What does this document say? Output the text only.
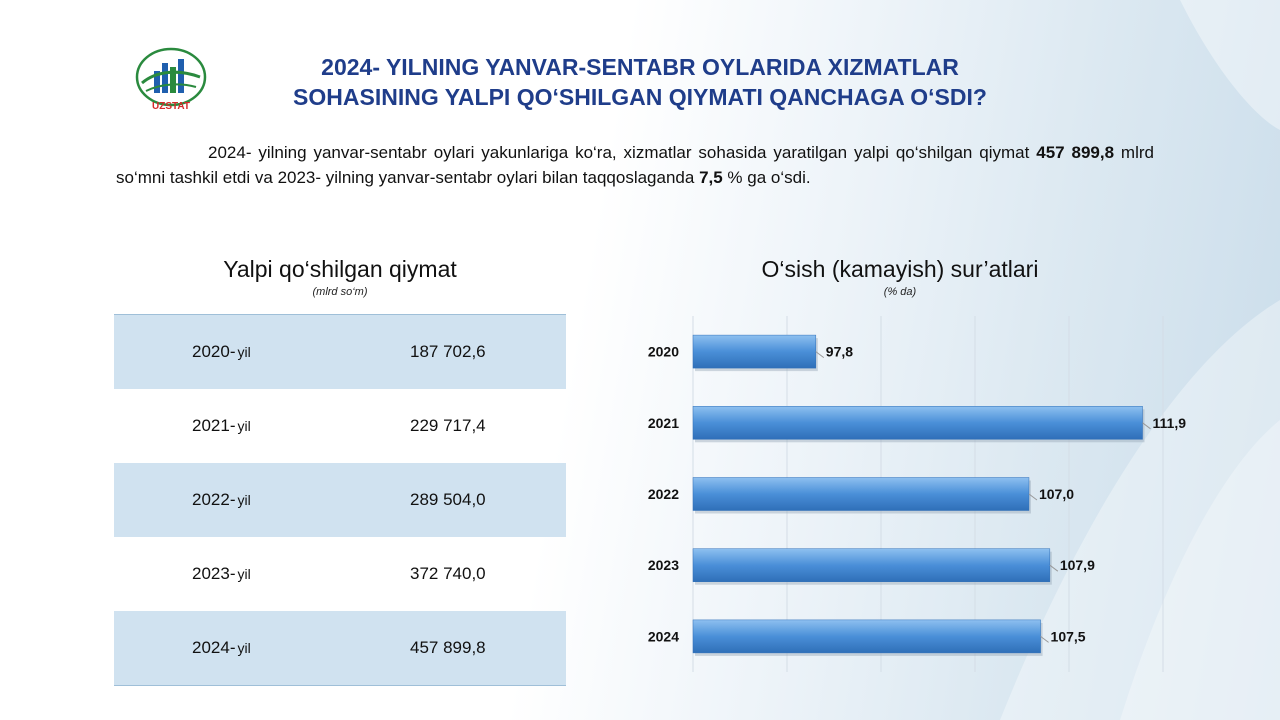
UZSTAT
2024- YILNING YANVAR-SENTABR OYLARIDA XIZMATLAR
SOHASINING YALPI QO‘SHILGAN QIYMATI QANCHAGA O‘SDI?
2024- yilning yanvar-sentabr oylari yakunlariga ko‘ra, xizmatlar sohasida yaratilgan yalpi qo‘shilgan qiymat 457 899,8 mlrd so‘mni tashkil etdi va 2023- yilning yanvar-sentabr oylari bilan taqqoslaganda 7,5 % ga o‘sdi.
Yalpi qo‘shilgan qiymat
(mlrd so‘m)
2020- yil	187 702,6
2021- yil	229 717,4
2022- yil	289 504,0
2023- yil	372 740,0
2024- yil	457 899,8
O‘sish (kamayish) sur’atlari
(% da)
2020	97,8
2021	111,9
2022	107,0
2023	107,9
2024	107,5
